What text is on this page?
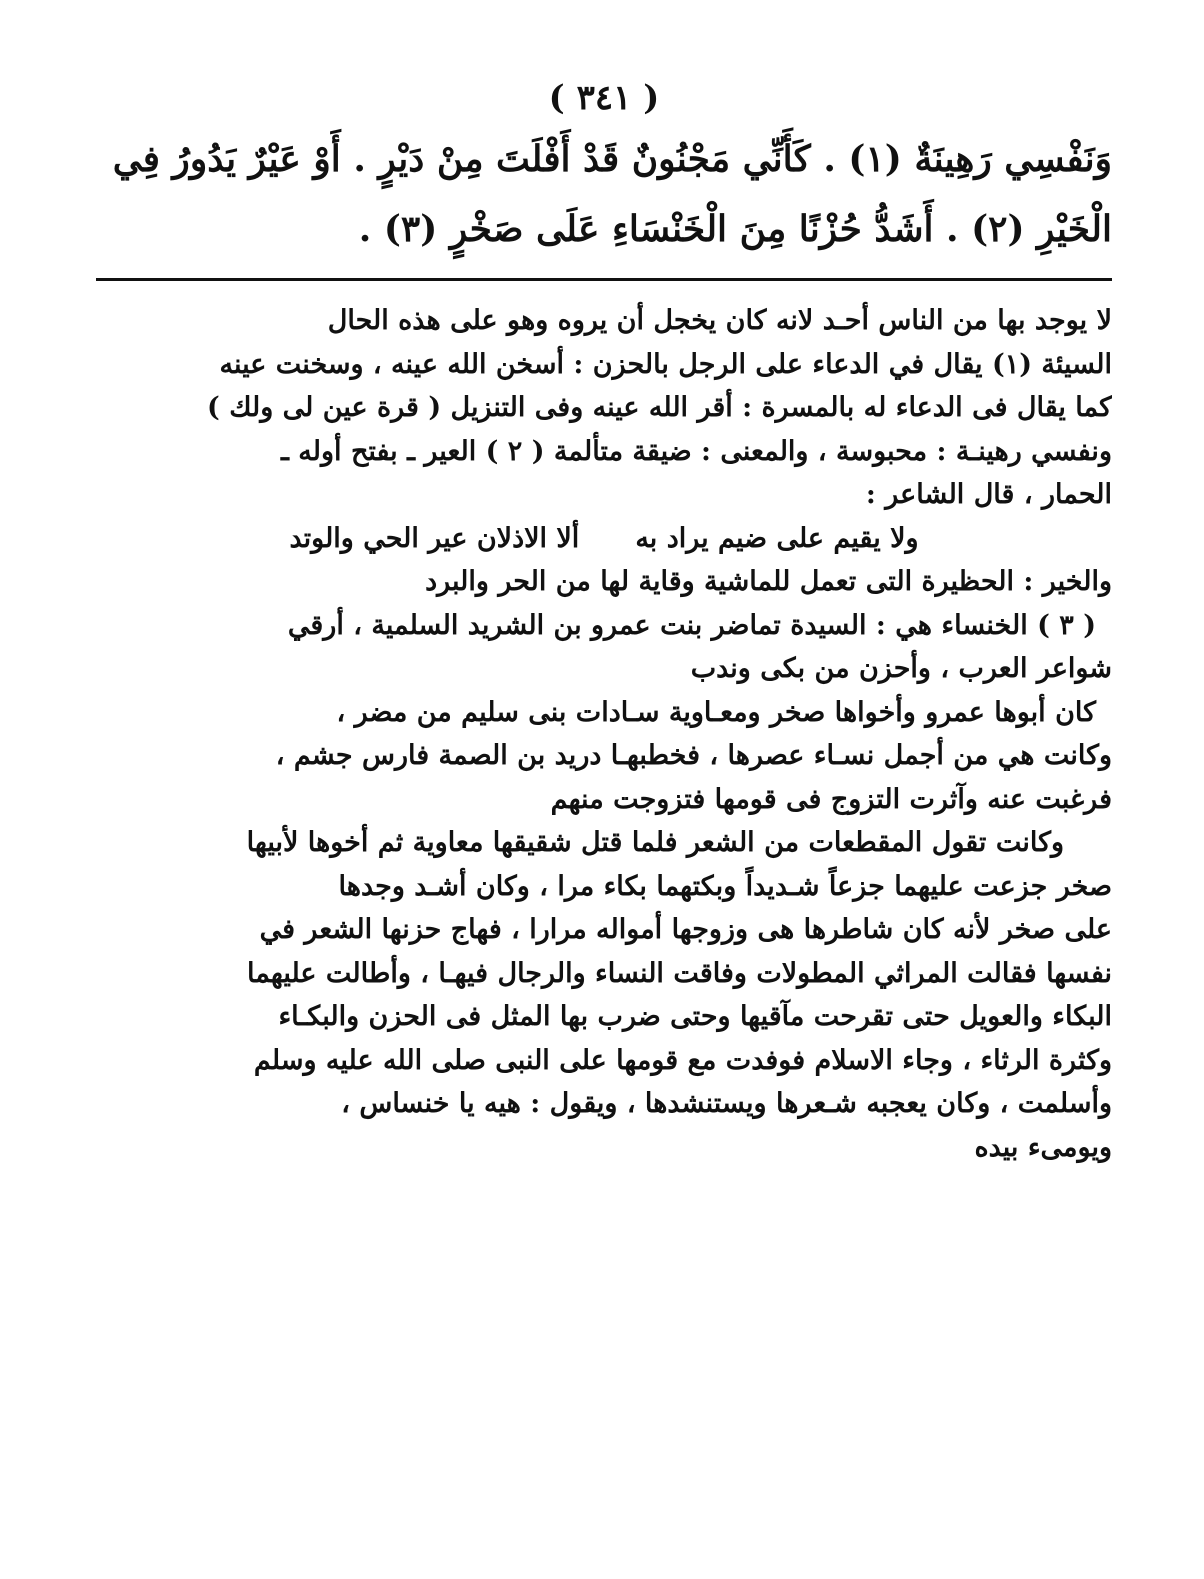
( ٣٤١ )

وَنَفْسِي رَهِينَةٌ (١) . كَأَنِّي مَجْنُونٌ قَدْ أَفْلَتَ مِنْ دَيْرٍ . أَوْ عَيْرٌ يَدُورُ فِي

الْخَيْرِ (٢) . أَشَدُّ حُزْنًا مِنَ الْخَنْسَاءِ عَلَى صَخْرٍ (٣) .

لا يوجد بها من الناس أحـد لانه كان يخجل أن يروه وهو على هذه الحال

السيئة (١) يقال في الدعاء على الرجل بالحزن : أسخن الله عينه ، وسخنت عينه

كما يقال فى الدعاء له بالمسرة : أقر الله عينه وفى التنزيل ( قرة عين لى ولك )

ونفسي رهينـة : محبوسة ، والمعنى : ضيقة متألمة ( ٢ ) العير ـ بفتح أوله ـ

الحمار ، قال الشاعر :

ولا يقيم على ضيم يراد به
ألا الاذلان عير الحي والوتد

والخير : الحظيرة التى تعمل للماشية وقاية لها من الحر والبرد

( ٣ ) الخنساء هي : السيدة تماضر بنت عمرو بن الشريد السلمية ، أرقي

شواعر العرب ، وأحزن من بكى وندب

كان أبوها عمرو وأخواها صخر ومعـاوية سـادات بنى سليم من مضر ،

وكانت هي من أجمل نسـاء عصرها ، فخطبهـا دريد بن الصمة فارس جشم ،

فرغبت عنه وآثرت التزوج فى قومها فتزوجت منهم

وكانت تقول المقطعات من الشعر فلما قتل شقيقها معاوية ثم أخوها لأبيها

صخر جزعت عليهما جزعاً شـديداً وبكتهما بكاء مرا ، وكان أشـد وجدها

على صخر لأنه كان شاطرها هى وزوجها أمواله مرارا ، فهاج حزنها الشعر في

نفسها فقالت المراثي المطولات وفاقت النساء والرجال فيهـا ، وأطالت عليهما

البكاء والعويل حتى تقرحت مآقيها وحتى ضرب بها المثل فى الحزن والبكـاء

وكثرة الرثاء ، وجاء الاسلام فوفدت مع قومها على النبى صلى الله عليه وسلم

وأسلمت ، وكان يعجبه شـعرها ويستنشدها ، ويقول : هيه يا خنساس ،

ويومىء بيده
